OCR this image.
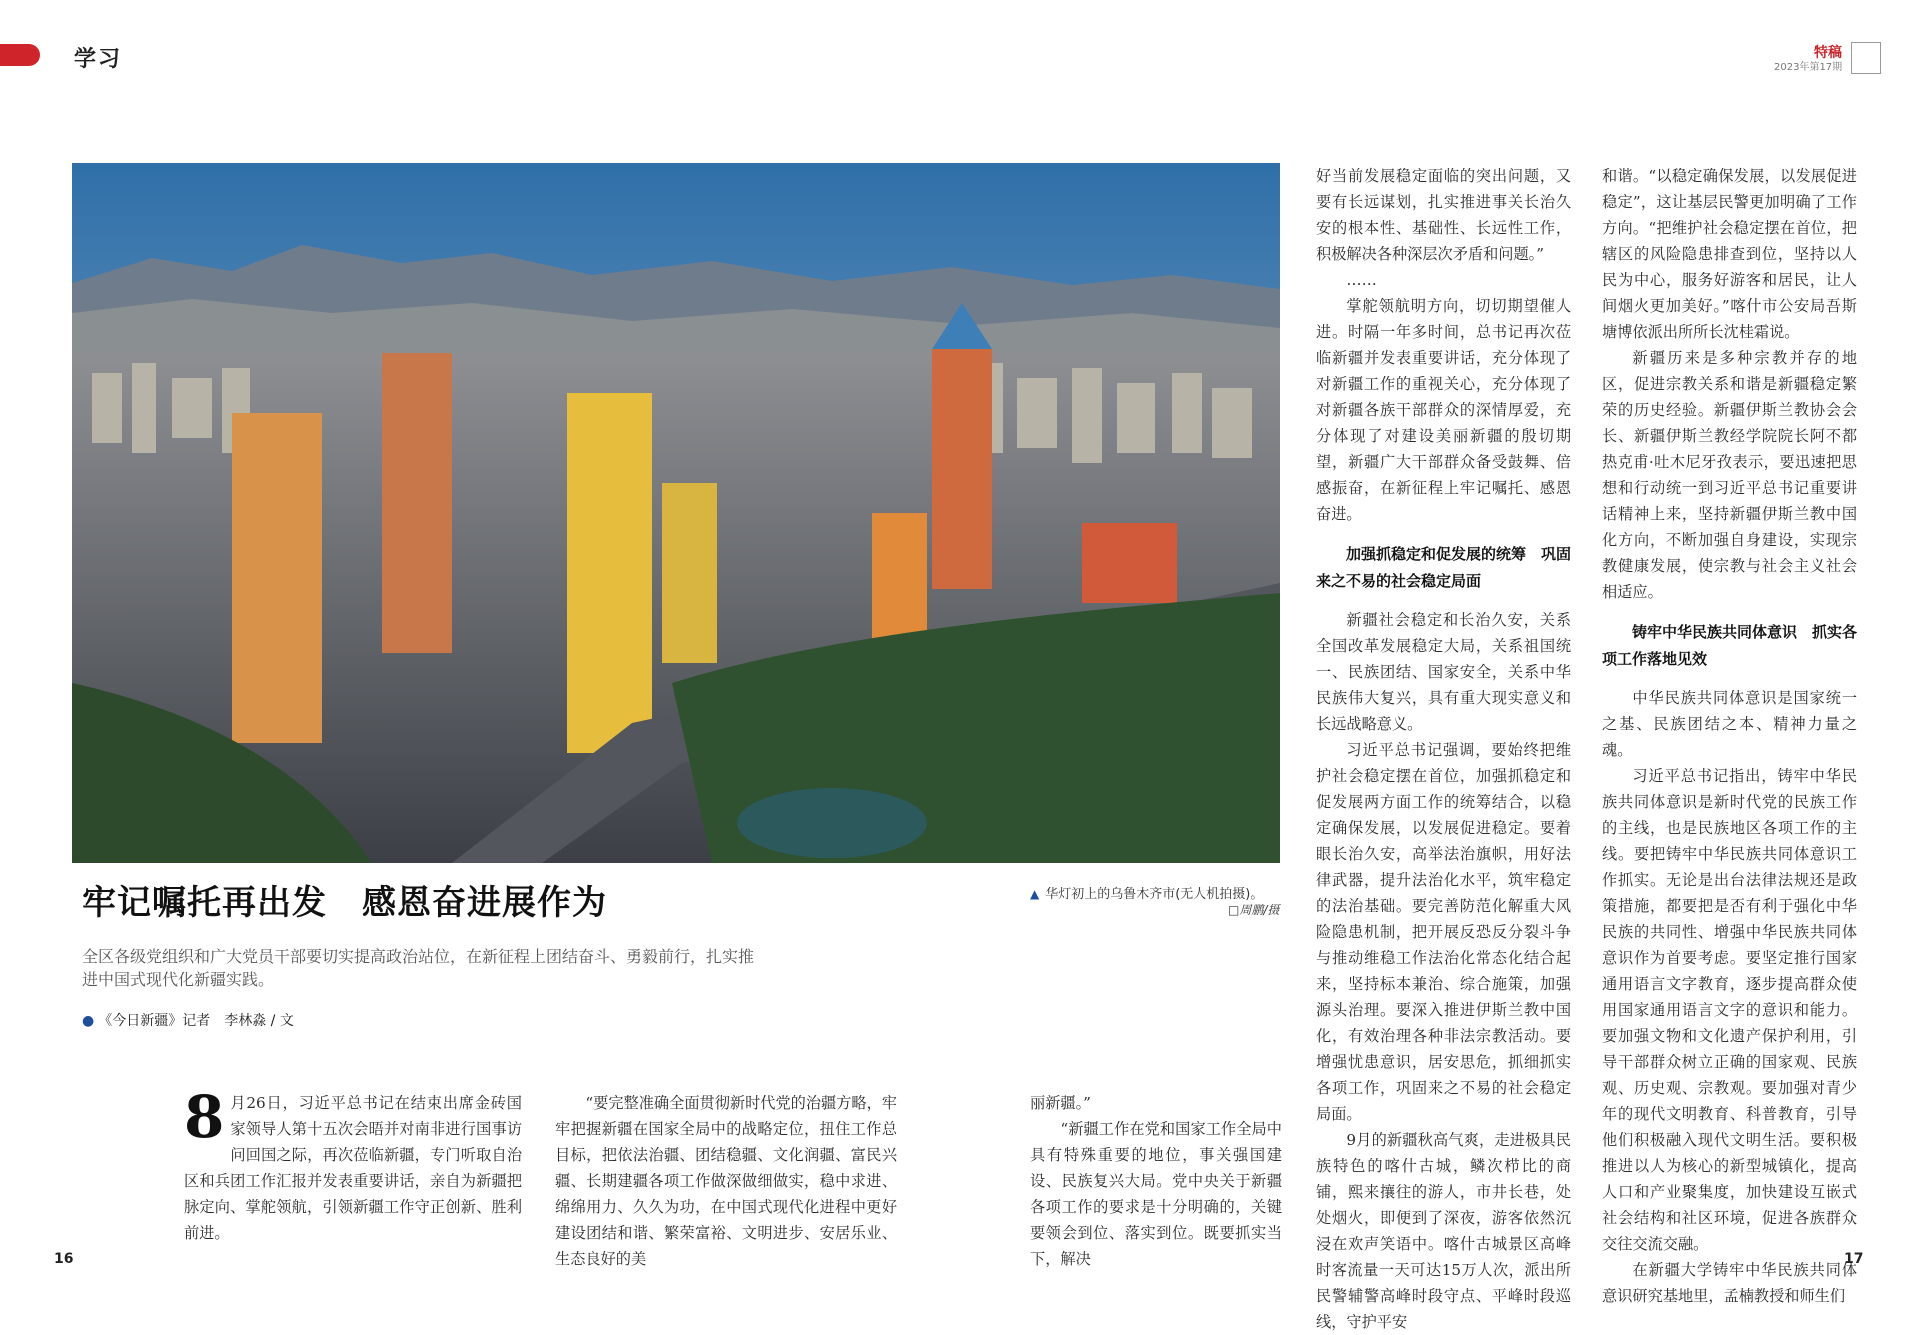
学习	特稿
2023年第17期
▲ 华灯初上的乌鲁木齐市(无人机拍摄)。
□周鹏/摄
牢记嘱托再出发　感恩奋进展作为
全区各级党组织和广大党员干部要切实提高政治站位，在新征程上团结奋斗、勇毅前行，扎实推进中国式现代化新疆实践。
● 《今日新疆》记者　李林淼 / 文
8 月26日，习近平总书记在结束出席金砖国家领导人第十五次会晤并对南非进行国事访问回国之际，再次莅临新疆，专门听取自治区和兵团工作汇报并发表重要讲话，亲自为新疆把脉定向、掌舵领航，引领新疆工作守正创新、胜利前进。

“要完整准确全面贯彻新时代党的治疆方略，牢牢把握新疆在国家全局中的战略定位，扭住工作总目标，把依法治疆、团结稳疆、文化润疆、富民兴疆、长期建疆各项工作做深做细做实，稳中求进、绵绵用力、久久为功，在中国式现代化进程中更好建设团结和谐、繁荣富裕、文明进步、安居乐业、生态良好的美

丽新疆。”

“新疆工作在党和国家工作全局中具有特殊重要的地位，事关强国建设、民族复兴大局。党中央关于新疆各项工作的要求是十分明确的，关键要领会到位、落实到位。既要抓实当下，解决

好当前发展稳定面临的突出问题，又要有长远谋划，扎实推进事关长治久安的根本性、基础性、长远性工作，积极解决各种深层次矛盾和问题。”

……

掌舵领航明方向，切切期望催人进。时隔一年多时间，总书记再次莅临新疆并发表重要讲话，充分体现了对新疆工作的重视关心，充分体现了对新疆各族干部群众的深情厚爱，充分体现了对建设美丽新疆的殷切期望，新疆广大干部群众备受鼓舞、倍感振奋，在新征程上牢记嘱托、感恩奋进。

加强抓稳定和促发展的统筹　巩固来之不易的社会稳定局面

新疆社会稳定和长治久安，关系全国改革发展稳定大局，关系祖国统一、民族团结、国家安全，关系中华民族伟大复兴，具有重大现实意义和长远战略意义。

习近平总书记强调，要始终把维护社会稳定摆在首位，加强抓稳定和促发展两方面工作的统筹结合，以稳定确保发展，以发展促进稳定。要着眼长治久安，高举法治旗帜，用好法律武器，提升法治化水平，筑牢稳定的法治基础。要完善防范化解重大风险隐患机制，把开展反恐反分裂斗争与推动维稳工作法治化常态化结合起来，坚持标本兼治、综合施策，加强源头治理。要深入推进伊斯兰教中国化，有效治理各种非法宗教活动。要增强忧患意识，居安思危，抓细抓实各项工作，巩固来之不易的社会稳定局面。

9月的新疆秋高气爽，走进极具民族特色的喀什古城，鳞次栉比的商铺，熙来攘往的游人，市井长巷，处处烟火，即便到了深夜，游客依然沉浸在欢声笑语中。喀什古城景区高峰时客流量一天可达15万人次，派出所民警辅警高峰时段守点、平峰时段巡线，守护平安

和谐。“以稳定确保发展，以发展促进稳定”，这让基层民警更加明确了工作方向。“把维护社会稳定摆在首位，把辖区的风险隐患排查到位，坚持以人民为中心，服务好游客和居民，让人间烟火更加美好。”喀什市公安局吾斯塘博依派出所所长沈桂霜说。

新疆历来是多种宗教并存的地区，促进宗教关系和谐是新疆稳定繁荣的历史经验。新疆伊斯兰教协会会长、新疆伊斯兰教经学院院长阿不都热克甫·吐木尼牙孜表示，要迅速把思想和行动统一到习近平总书记重要讲话精神上来，坚持新疆伊斯兰教中国化方向，不断加强自身建设，实现宗教健康发展，使宗教与社会主义社会相适应。

铸牢中华民族共同体意识　抓实各项工作落地见效

中华民族共同体意识是国家统一之基、民族团结之本、精神力量之魂。

习近平总书记指出，铸牢中华民族共同体意识是新时代党的民族工作的主线，也是民族地区各项工作的主线。要把铸牢中华民族共同体意识工作抓实。无论是出台法律法规还是政策措施，都要把是否有利于强化中华民族的共同性、增强中华民族共同体意识作为首要考虑。要坚定推行国家通用语言文字教育，逐步提高群众使用国家通用语言文字的意识和能力。要加强文物和文化遗产保护利用，引导干部群众树立正确的国家观、民族观、历史观、宗教观。要加强对青少年的现代文明教育、科普教育，引导他们积极融入现代文明生活。要积极推进以人为核心的新型城镇化，提高人口和产业聚集度，加快建设互嵌式社会结构和社区环境，促进各族群众交往交流交融。

在新疆大学铸牢中华民族共同体意识研究基地里，孟楠教授和师生们

16	17
